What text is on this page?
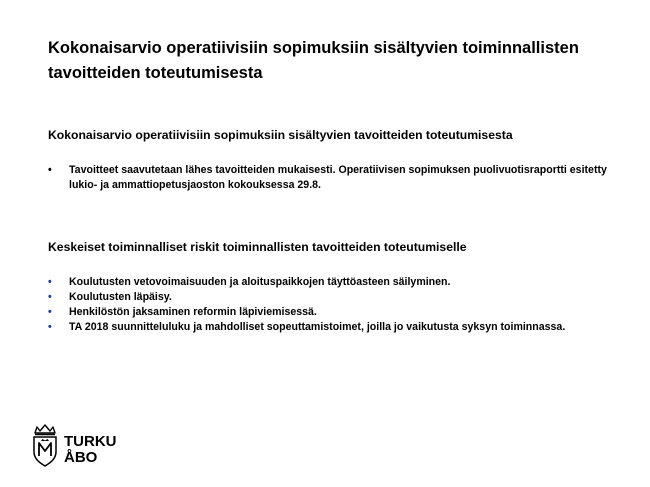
Kokonaisarvio operatiivisiin sopimuksiin sisältyvien toiminnallisten tavoitteiden toteutumisesta
Kokonaisarvio operatiivisiin sopimuksiin sisältyvien tavoitteiden toteutumisesta
•	Tavoitteet saavutetaan lähes tavoitteiden mukaisesti. Operatiivisen sopimuksen puolivuotisraportti esitetty lukio- ja ammattiopetusjaoston kokouksessa 29.8.
Keskeiset toiminnalliset riskit toiminnallisten tavoitteiden toteutumiselle
•	Koulutusten vetovoimaisuuden ja aloituspaikkojen täyttöasteen säilyminen.
•	Koulutusten läpäisy.
•	Henkilöstön jaksaminen reformin läpiviemisessä.
•	TA 2018 suunnitteluluku ja mahdolliset sopeuttamistoimet, joilla jo vaikutusta syksyn toiminnassa.
TURKU
ÅBO
